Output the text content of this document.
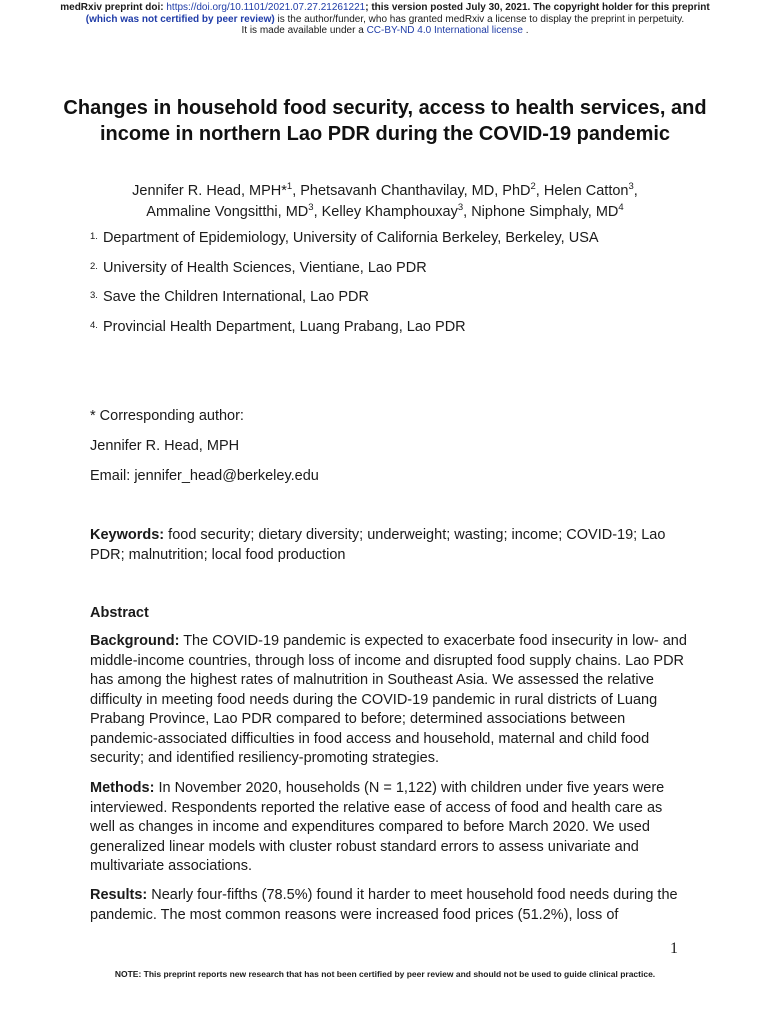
medRxiv preprint doi: https://doi.org/10.1101/2021.07.27.21261221; this version posted July 30, 2021. The copyright holder for this preprint
(which was not certified by peer review) is the author/funder, who has granted medRxiv a license to display the preprint in perpetuity.
It is made available under a CC-BY-ND 4.0 International license .
Changes in household food security, access to health services, and income in northern Lao PDR during the COVID-19 pandemic
Jennifer R. Head, MPH*$^1$, Phetsavanh Chanthavilay, MD, PhD$^2$, Helen Catton$^3$,
Ammaline Vongsitthi, $MD^3$, Kelley Khamphouxay$^3$, Niphone Simphaly, $MD^4$
$^{1.}$ Department of Epidemiology, University of California Berkeley, Berkeley, USA
$^{2.}$ University of Health Sciences, Vientiane, Lao PDR
$^{3.}$ Save the Children International, Lao PDR
$^{4.}$ Provincial Health Department, Luang Prabang, Lao PDR
* Corresponding author:
Jennifer R. Head, MPH
Email: jennifer_head@berkeley.edu
Keywords: food security; dietary diversity; underweight; wasting; income; COVID-19; Lao PDR; malnutrition; local food production
Abstract
Background: The COVID-19 pandemic is expected to exacerbate food insecurity in low- and middle-income countries, through loss of income and disrupted food supply chains. Lao PDR has among the highest rates of malnutrition in Southeast Asia. We assessed the relative difficulty in meeting food needs during the COVID-19 pandemic in rural districts of Luang Prabang Province, Lao PDR compared to before; determined associations between pandemic-associated difficulties in food access and household, maternal and child food security; and identified resiliency-promoting strategies.
Methods: In November 2020, households (N = 1,122) with children under five years were interviewed. Respondents reported the relative ease of access of food and health care as well as changes in income and expenditures compared to before March 2020. We used generalized linear models with cluster robust standard errors to assess univariate and multivariate associations.
Results: Nearly four-fifths (78.5%) found it harder to meet household food needs during the pandemic. The most common reasons were increased food prices (51.2%), loss of
1
NOTE: This preprint reports new research that has not been certified by peer review and should not be used to guide clinical practice.
